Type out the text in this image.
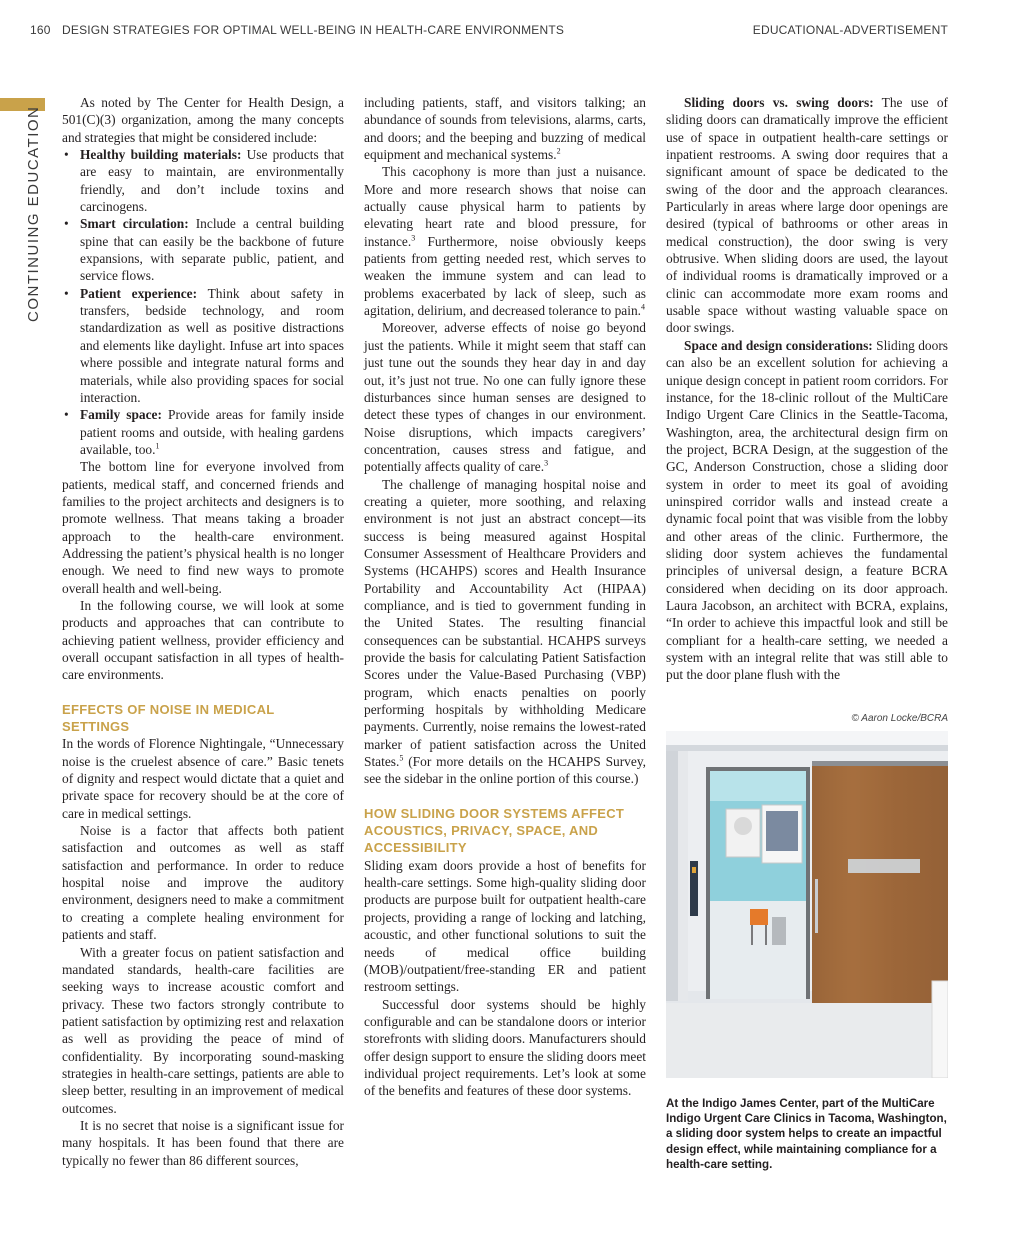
160 DESIGN STRATEGIES FOR OPTIMAL WELL-BEING IN HEALTH-CARE ENVIRONMENTS	EDUCATIONAL-ADVERTISEMENT
CONTINUING EDUCATION

As noted by The Center for Health Design, a 501(C)(3) organization, among the many concepts and strategies that might be considered include:

• Healthy building materials: Use products that are easy to maintain, are environmentally friendly, and don’t include toxins and carcinogens.
• Smart circulation: Include a central building spine that can easily be the backbone of future expansions, with separate public, patient, and service flows.
• Patient experience: Think about safety in transfers, bedside technology, and room standardization as well as positive distractions and elements like daylight. Infuse art into spaces where possible and integrate natural forms and materials, while also providing spaces for social interaction.
• Family space: Provide areas for family inside patient rooms and outside, with healing gardens available, too.$^1$

The bottom line for everyone involved from patients, medical staff, and concerned friends and families to the project architects and designers is to promote wellness. That means taking a broader approach to the health-care environment. Addressing the patient’s physical health is no longer enough. We need to find new ways to promote overall health and well-being.

In the following course, we will look at some products and approaches that can contribute to achieving patient wellness, provider efficiency and overall occupant satisfaction in all types of health-care environments.

EFFECTS OF NOISE IN MEDICAL SETTINGS

In the words of Florence Nightingale, “Unnecessary noise is the cruelest absence of care.” Basic tenets of dignity and respect would dictate that a quiet and private space for recovery should be at the core of care in medical settings.

Noise is a factor that affects both patient satisfaction and outcomes as well as staff satisfaction and performance. In order to reduce hospital noise and improve the auditory environment, designers need to make a commitment to creating a complete healing environment for patients and staff.

With a greater focus on patient satisfaction and mandated standards, health-care facilities are seeking ways to increase acoustic comfort and privacy. These two factors strongly contribute to patient satisfaction by optimizing rest and relaxation as well as providing the peace of mind of confidentiality. By incorporating sound-masking strategies in health-care settings, patients are able to sleep better, resulting in an improvement of medical outcomes.

It is no secret that noise is a significant issue for many hospitals. It has been found that there are typically no fewer than 86 different sources,

including patients, staff, and visitors talking; an abundance of sounds from televisions, alarms, carts, and doors; and the beeping and buzzing of medical equipment and mechanical systems.$^2$

This cacophony is more than just a nuisance. More and more research shows that noise can actually cause physical harm to patients by elevating heart rate and blood pressure, for instance.$^3$ Furthermore, noise obviously keeps patients from getting needed rest, which serves to weaken the immune system and can lead to problems exacerbated by lack of sleep, such as agitation, delirium, and decreased tolerance to pain.$^4$

Moreover, adverse effects of noise go beyond just the patients. While it might seem that staff can just tune out the sounds they hear day in and day out, it’s just not true. No one can fully ignore these disturbances since human senses are designed to detect these types of changes in our environment. Noise disruptions, which impacts caregivers’ concentration, causes stress and fatigue, and potentially affects quality of care.$^3$

The challenge of managing hospital noise and creating a quieter, more soothing, and relaxing environment is not just an abstract concept—its success is being measured against Hospital Consumer Assessment of Healthcare Providers and Systems (HCAHPS) scores and Health Insurance Portability and Accountability Act (HIPAA) compliance, and is tied to government funding in the United States. The resulting financial consequences can be substantial. HCAHPS surveys provide the basis for calculating Patient Satisfaction Scores under the Value-Based Purchasing (VBP) program, which enacts penalties on poorly performing hospitals by withholding Medicare payments. Currently, noise remains the lowest-rated marker of patient satisfaction across the United States.$^5$ (For more details on the HCAHPS Survey, see the sidebar in the online portion of this course.)

HOW SLIDING DOOR SYSTEMS AFFECT ACOUSTICS, PRIVACY, SPACE, AND ACCESSIBILITY

Sliding exam doors provide a host of benefits for health-care settings. Some high-quality sliding door products are purpose built for outpatient health-care projects, providing a range of locking and latching, acoustic, and other functional solutions to suit the needs of medical office building (MOB)/outpatient/free-standing ER and patient restroom settings.

Successful door systems should be highly configurable and can be standalone doors or interior storefronts with sliding doors. Manufacturers should offer design support to ensure the sliding doors meet individual project requirements. Let’s look at some of the benefits and features of these door systems.

Sliding doors vs. swing doors: The use of sliding doors can dramatically improve the efficient use of space in outpatient health-care settings or inpatient restrooms. A swing door requires that a significant amount of space be dedicated to the swing of the door and the approach clearances. Particularly in areas where large door openings are desired (typical of bathrooms or other areas in medical construction), the door swing is very obtrusive. When sliding doors are used, the layout of individual rooms is dramatically improved or a clinic can accommodate more exam rooms and usable space without wasting valuable space on door swings.

Space and design considerations: Sliding doors can also be an excellent solution for achieving a unique design concept in patient room corridors. For instance, for the 18-clinic rollout of the MultiCare Indigo Urgent Care Clinics in the Seattle-Tacoma, Washington, area, the architectural design firm on the project, BCRA Design, at the suggestion of the GC, Anderson Construction, chose a sliding door system in order to meet its goal of avoiding uninspired corridor walls and instead create a dynamic focal point that was visible from the lobby and other areas of the clinic. Furthermore, the sliding door system achieves the fundamental principles of universal design, a feature BCRA considered when deciding on its door approach. Laura Jacobson, an architect with BCRA, explains, “In order to achieve this impactful look and still be compliant for a health-care setting, we needed a system with an integral relite that was still able to put the door plane flush with the

© Aaron Locke/BCRA
At the Indigo James Center, part of the MultiCare Indigo Urgent Care Clinics in Tacoma, Washington, a sliding door system helps to create an impactful design effect, while maintaining compliance for a health-care setting.
